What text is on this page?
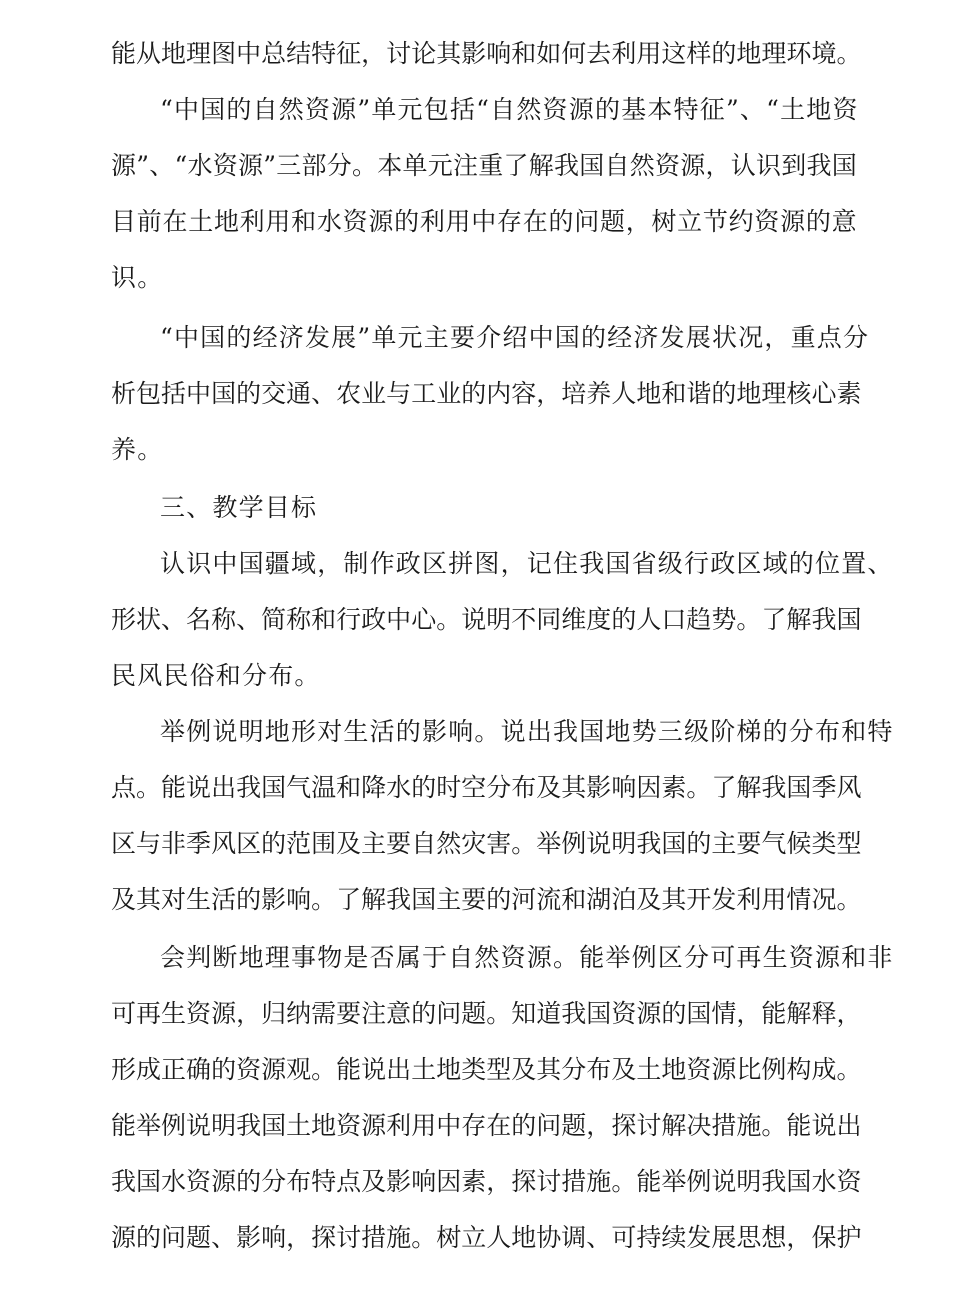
能 从 地 理 图 中 总 结 特 征 ， 讨 论 其 影 响 和 如 何 去 利 用 这 样 的 地 理 环 境 。
“中国的自然资源”单元包括“自然资源的基本特征”、“土地资
源 ” 、 “ 水 资 源 ” 三 部 分 。 本 单 元 注 重 了 解 我 国 自 然 资 源 ， 认 识 到 我 国
目 前 在 土 地 利 用 和 水 资 源 的 利 用 中 存 在 的 问 题 ， 树 立 节 约 资 源 的 意
识。
“中国的经济发展”单元主要介绍中国的经济发展状况，重点分
析 包 括 中 国 的 交 通 、 农 业 与 工 业 的 内 容 ， 培 养 人 地 和 谐 的 地 理 核 心 素
养。
三、教学目标
认识中国疆域，制作政区拼图，记住我国省级行政区域的位置、
形 状 、 名 称 、 简 称 和 行 政 中 心 。 说 明 不 同 维 度 的 人 口 趋 势 。 了 解 我 国
民风民俗和分布。
举例说明地形对生活的影响。说出我国地势三级阶梯的分布和特
点 。 能 说 出 我 国 气 温 和 降 水 的 时 空 分 布 及 其 影 响 因 素 。 了 解 我 国 季 风
区 与 非 季 风 区 的 范 围 及 主 要 自 然 灾 害 。 举 例 说 明 我 国 的 主 要 气 候 类 型
及 其 对 生 活 的 影 响 。 了 解 我 国 主 要 的 河 流 和 湖 泊 及 其 开 发 利 用 情 况 。
会判断地理事物是否属于自然资源。能举例区分可再生资源和非
可 再 生 资 源 ， 归 纳 需 要 注 意 的 问 题 。 知 道 我 国 资 源 的 国 情 ， 能 解 释 ，
形 成 正 确 的 资 源 观 。 能 说 出 土 地 类 型 及 其 分 布 及 土 地 资 源 比 例 构 成 。
能 举 例 说 明 我 国 土 地 资 源 利 用 中 存 在 的 问 题 ， 探 讨 解 决 措 施 。 能 说 出
我 国 水 资 源 的 分 布 特 点 及 影 响 因 素 ， 探 讨 措 施 。 能 举 例 说 明 我 国 水 资
源 的 问 题 、 影 响 ， 探 讨 措 施 。 树 立 人 地 协 调 、 可 持 续 发 展 思 想 ， 保 护
